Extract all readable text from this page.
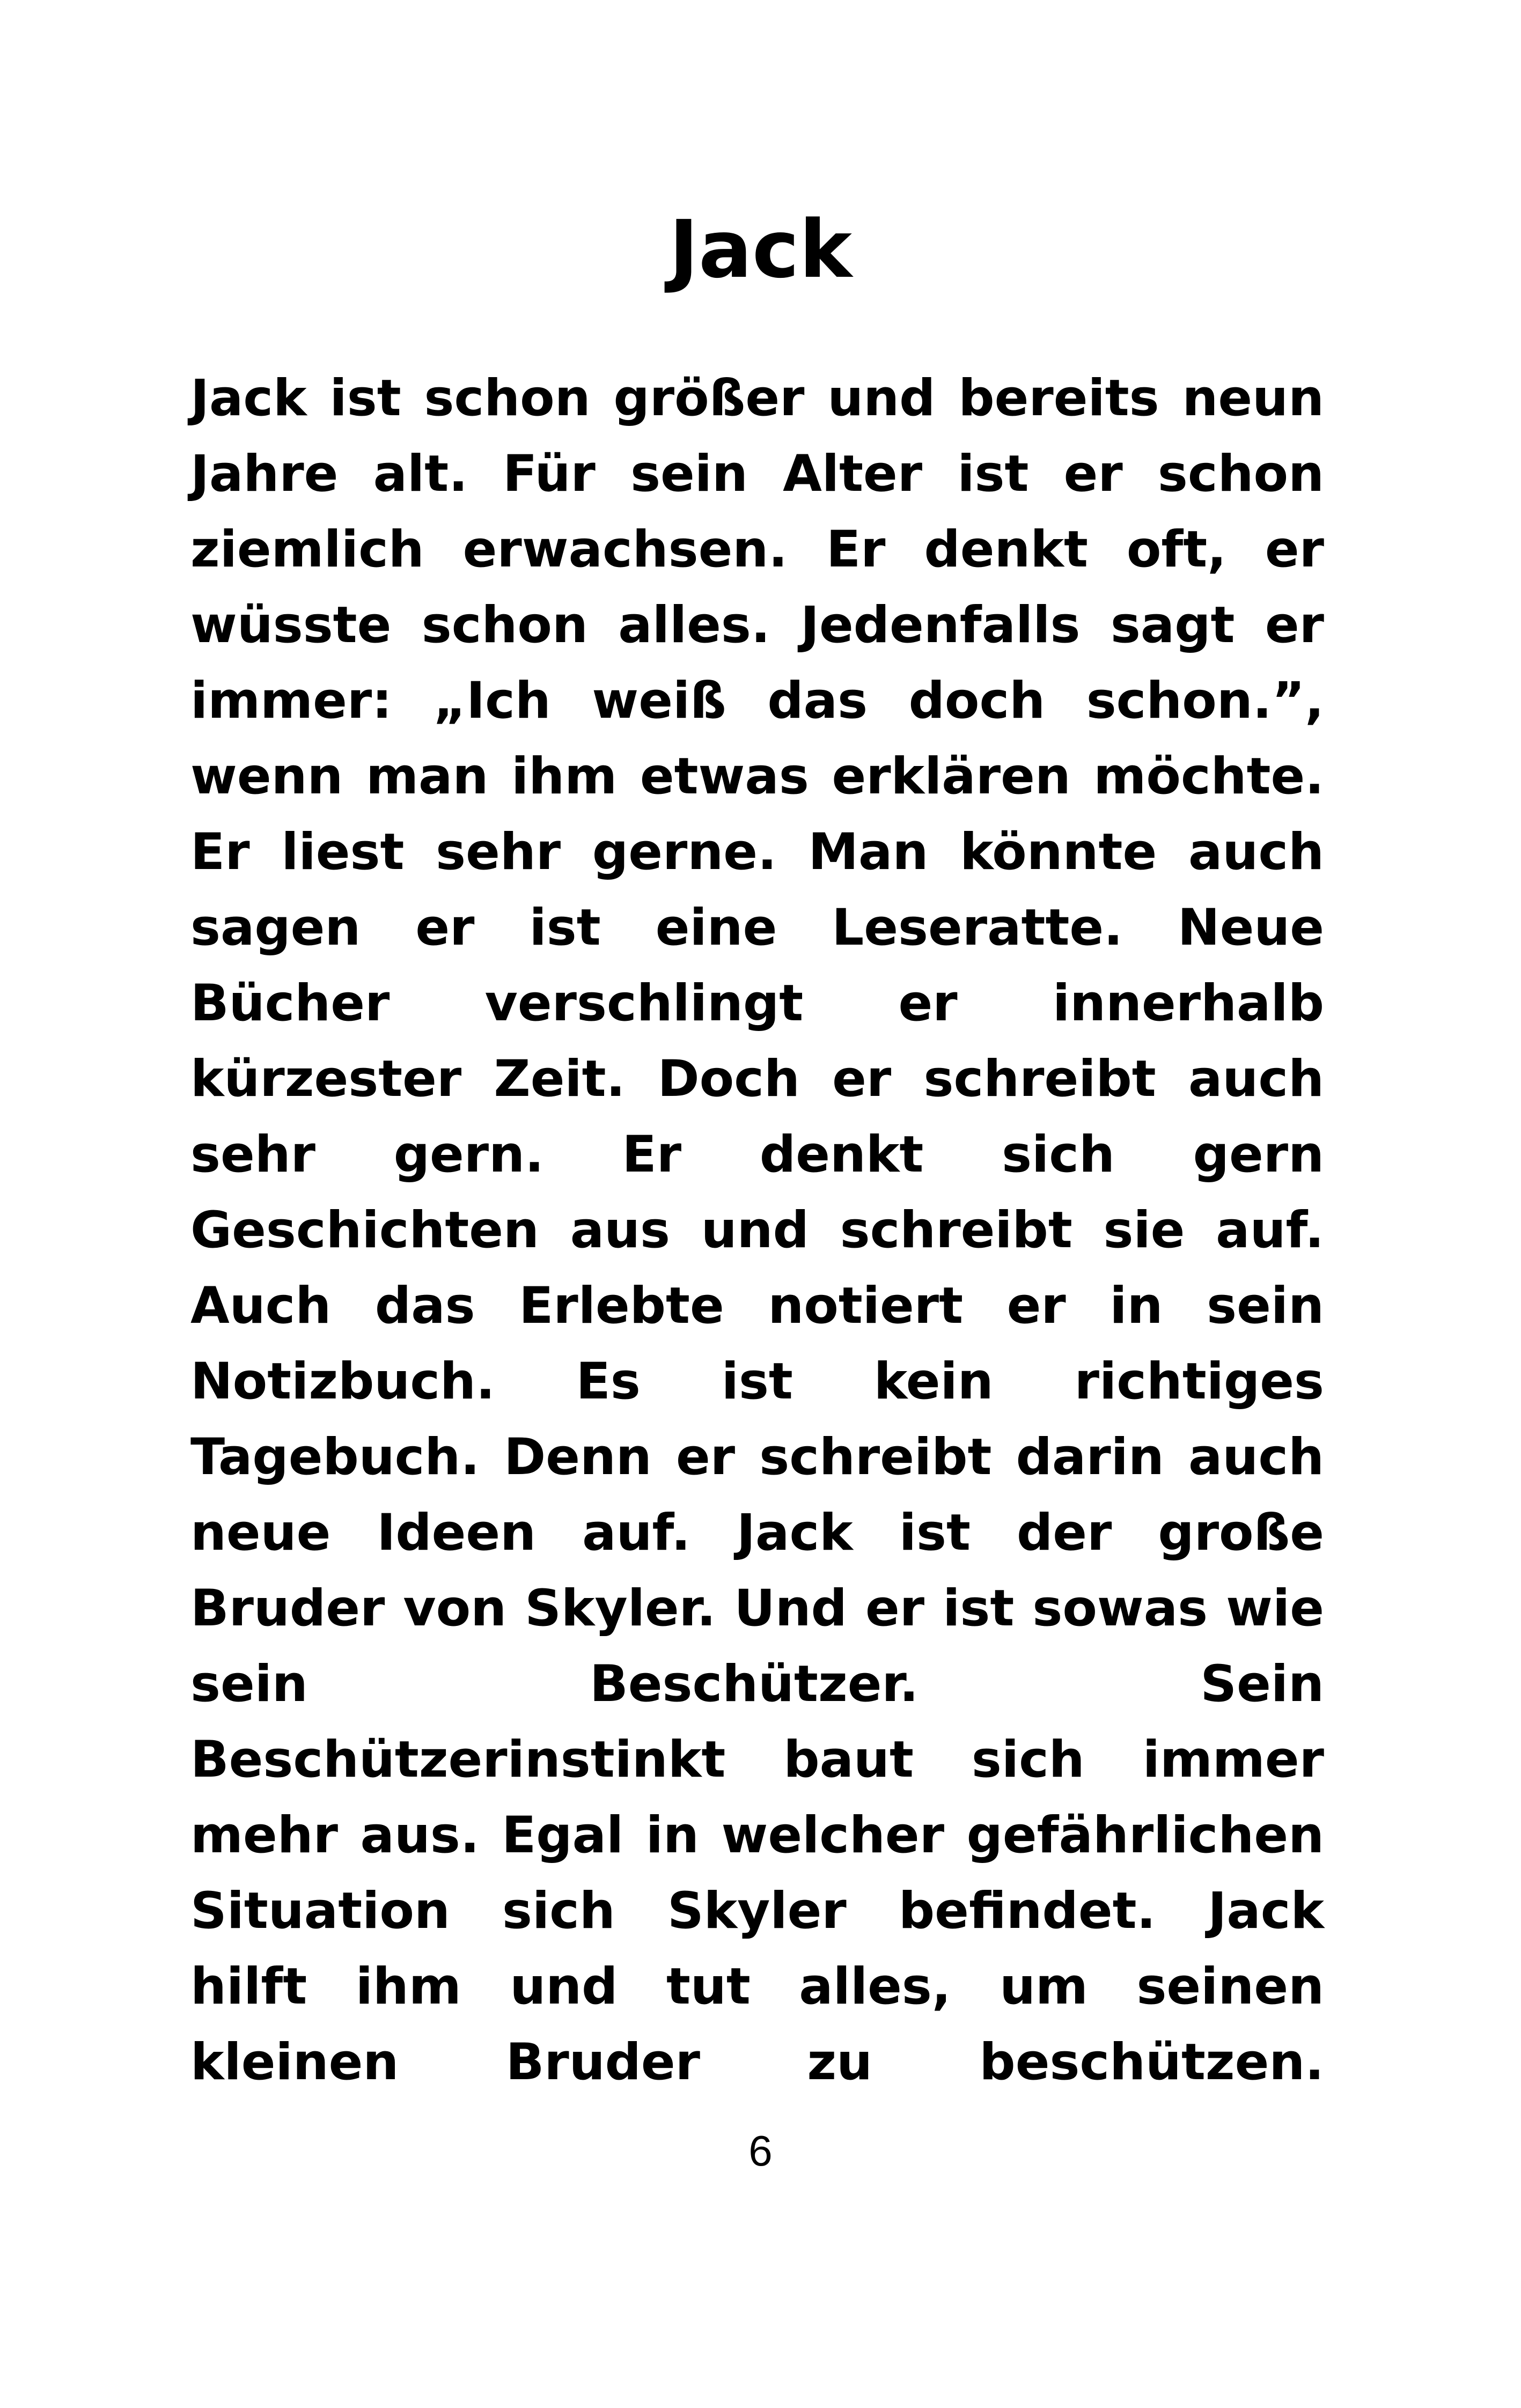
Jack
Jack ist schon größer und bereits neun
Jahre alt. Für sein Alter ist er schon
ziemlich erwachsen. Er denkt oft, er
wüsste schon alles. Jedenfalls sagt er
immer: „Ich weiß das doch schon.”,
wenn man ihm etwas erklären möchte.
Er liest sehr gerne. Man könnte auch
sagen er ist eine Leseratte. Neue
Bücher verschlingt er innerhalb
kürzester Zeit. Doch er schreibt auch
sehr gern. Er denkt sich gern
Geschichten aus und schreibt sie auf.
Auch das Erlebte notiert er in sein
Notizbuch. Es ist kein richtiges
Tagebuch. Denn er schreibt darin auch
neue Ideen auf. Jack ist der große
Bruder von Skyler. Und er ist sowas wie
sein Beschützer. Sein
Beschützerinstinkt baut sich immer
mehr aus. Egal in welcher gefährlichen
Situation sich Skyler befindet. Jack
hilft ihm und tut alles, um seinen
kleinen Bruder zu beschützen.
6
